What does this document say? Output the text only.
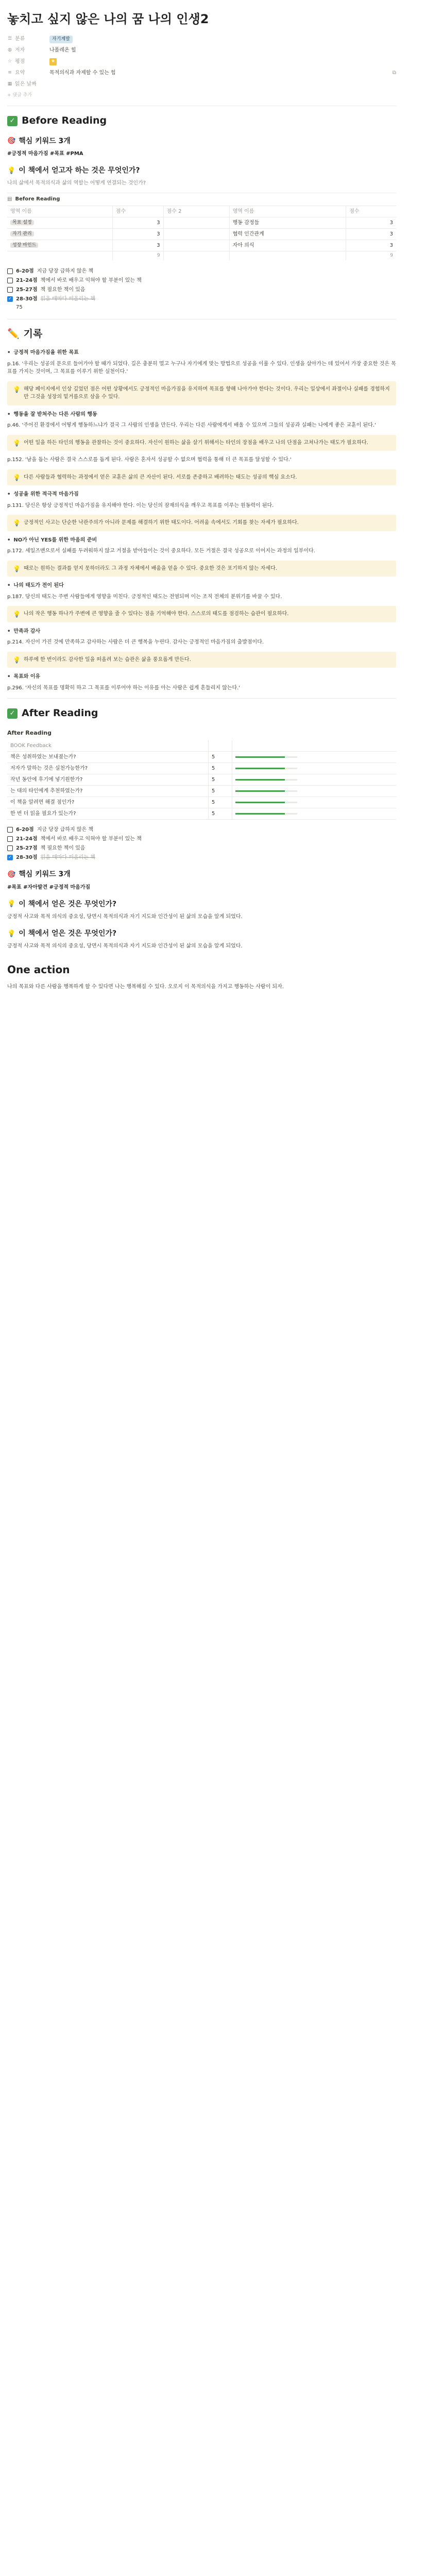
놓치고 싶지 않은 나의 꿈 나의 인생2
☰ 분류	자기계발
◍ 저자	나폴레온 힐
☆ 평점	★
≡ 요약	목적의식과 자제할 수 있는 힘	⧉
▦ 읽은 날짜
+ 댓글 추가
✓ Before Reading
🎯 핵심 키워드 3개
#긍정적 마음가짐 #목표 #PMA
💡 이 책에서 얻고자 하는 것은 무엇인가?
나의 삶에서 목적의식과 삶의 역할는 어떻게 연결되는 것인가?
▤ Before Reading
영역 이름	점수	점수 2	영역 이름	점수
목표 설정	3		행동 감정들	3
자기 관리	3		협력 인간관계	3
성장 마인드	3		자아 의식	3
	9			9
6-20점 지금 당장 급하지 않은 책
21-24점 책에서 바로 배우고 익혀야 할 부분이 있는 책
25-27점 책 필요한 책이 있음
✓ 28-30점 읽을 때마다 떠올리는 책
75
✏️ 기록
• 긍정적 마음가짐을 위한 목표
p.16. '우리는 성공의 문으로 들어가야 할 때가 되었다. 길은 충분히 멀고 누구나 자기에게 맞는 방법으로 성공을 이룰 수 있다. 인생을 살아가는 데 있어서 가장 중요한 것은 목표를 가지는 것이며, 그 목표를 이루기 위한 실천이다.'
💡 해당 페이지에서 인상 깊었던 점은 어떤 상황에서도 긍정적인 마음가짐을 유지하며 목표를 향해 나아가야 한다는 것이다. 우리는 일상에서 좌절이나 실패를 경험하지만 그것을 성장의 밑거름으로 삼을 수 있다.
• 행동을 잘 받쳐주는 다른 사람의 행동
p.46. '주어진 환경에서 어떻게 행동하느냐가 결국 그 사람의 인생을 만든다. 우리는 다른 사람에게서 배울 수 있으며 그들의 성공과 실패는 나에게 좋은 교훈이 된다.'
💡 어떤 일을 하든 타인의 행동을 관찰하는 것이 중요하다. 자신이 원하는 삶을 살기 위해서는 타인의 장점을 배우고 나의 단점을 고쳐나가는 태도가 필요하다.
p.152. '남을 돕는 사람은 결국 스스로를 돕게 된다. 사람은 혼자서 성공할 수 없으며 협력을 통해 더 큰 목표를 달성할 수 있다.'
💡 다른 사람들과 협력하는 과정에서 얻은 교훈은 삶의 큰 자산이 된다. 서로를 존중하고 배려하는 태도는 성공의 핵심 요소다.
• 성공을 위한 적극적 마음가짐
p.131. 당신은 항상 긍정적인 마음가짐을 유지해야 한다. 이는 당신의 잠재의식을 깨우고 목표를 이루는 원동력이 된다.
💡 긍정적인 사고는 단순한 낙관주의가 아니라 문제를 해결하기 위한 태도이다. 어려움 속에서도 기회를 찾는 자세가 필요하다.
• NO가 아닌 YES를 위한 마음의 준비
p.172. 세일즈맨으로서 실패를 두려워하지 않고 거절을 받아들이는 것이 중요하다. 모든 거절은 결국 성공으로 이어지는 과정의 일부이다.
💡 때로는 원하는 결과를 얻지 못하더라도 그 과정 자체에서 배움을 얻을 수 있다. 중요한 것은 포기하지 않는 자세다.
• 나의 태도가 전이 된다
p.187. 당신의 태도는 주변 사람들에게 영향을 미친다. 긍정적인 태도는 전염되며 이는 조직 전체의 분위기를 바꿀 수 있다.
💡 나의 작은 행동 하나가 주변에 큰 영향을 줄 수 있다는 점을 기억해야 한다. 스스로의 태도를 점검하는 습관이 필요하다.
• 만족과 감사
p.214. 자신이 가진 것에 만족하고 감사하는 사람은 더 큰 행복을 누린다. 감사는 긍정적인 마음가짐의 출발점이다.
💡 하루에 한 번이라도 감사한 일을 떠올려 보는 습관은 삶을 풍요롭게 만든다.
• 목표와 이유
p.296. '자신의 목표를 명확히 하고 그 목표를 이루어야 하는 이유를 아는 사람은 쉽게 흔들리지 않는다.'
✓ After Reading
After Reading
BOOK Feedback		
책은 성취하였는 보내졌는가?	5	

저자가 말하는 것은 실천가능한가?	5	

작년 동안에 후기에 넣기원한가?	5	

는 대의 타인에게 추천하였는가?	5	

이 책을 알려면 해결 점인가?	5	

한 번 더 읽을 필요가 있는가?	5	
6-20점 지금 당장 급하지 않은 책
21-24점 책에서 바로 배우고 익혀야 할 부분이 있는 책
25-27점 책 필요한 책이 있음
✓ 28-30점 읽을 때마다 떠올리는 책
🎯 핵심 키워드 3개
#목표 #자아발견 #긍정적 마음가짐
💡 이 책에서 얻은 것은 무엇인가?
긍정적 사고와 목적 의식의 중요성, 당면시 목적의식과 자기 지도와 인간성이 된 삶의 모습을 알게 되었다.
💡 이 책에서 얻은 것은 무엇인가?
긍정적 사고와 목적 의식의 중요성, 당면시 목적의식과 자기 지도와 인간성이 된 삶의 모습을 알게 되었다.
One action
나의 목표와 다른 사람을 행복하게 할 수 있다면 나는 행복해질 수 있다. 오로지 이 목적의식을 가지고 행동하는 사람이 되자.
